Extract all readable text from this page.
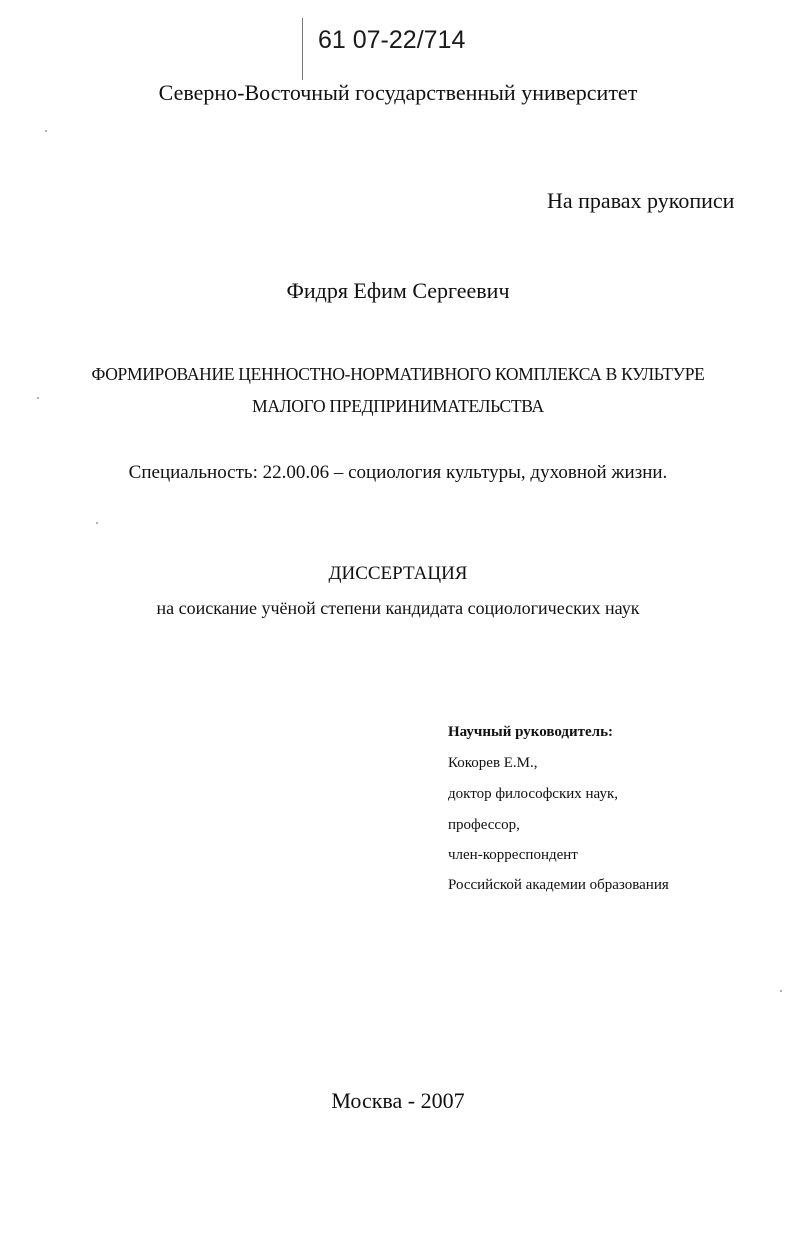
61 07-22/714
Северно-Восточный государственный университет
На правах рукописи
Фидря Ефим Сергеевич
ФОРМИРОВАНИЕ ЦЕННОСТНО-НОРМАТИВНОГО КОМПЛЕКСА В КУЛЬТУРЕ
МАЛОГО ПРЕДПРИНИМАТЕЛЬСТВА
Специальность: 22.00.06 – социология культуры, духовной жизни.
ДИССЕРТАЦИЯ
на соискание учёной степени кандидата социологических наук
Научный руководитель:
Кокорев Е.М.,
доктор философских наук,
профессор,
член-корреспондент
Российской академии образования
Москва - 2007
